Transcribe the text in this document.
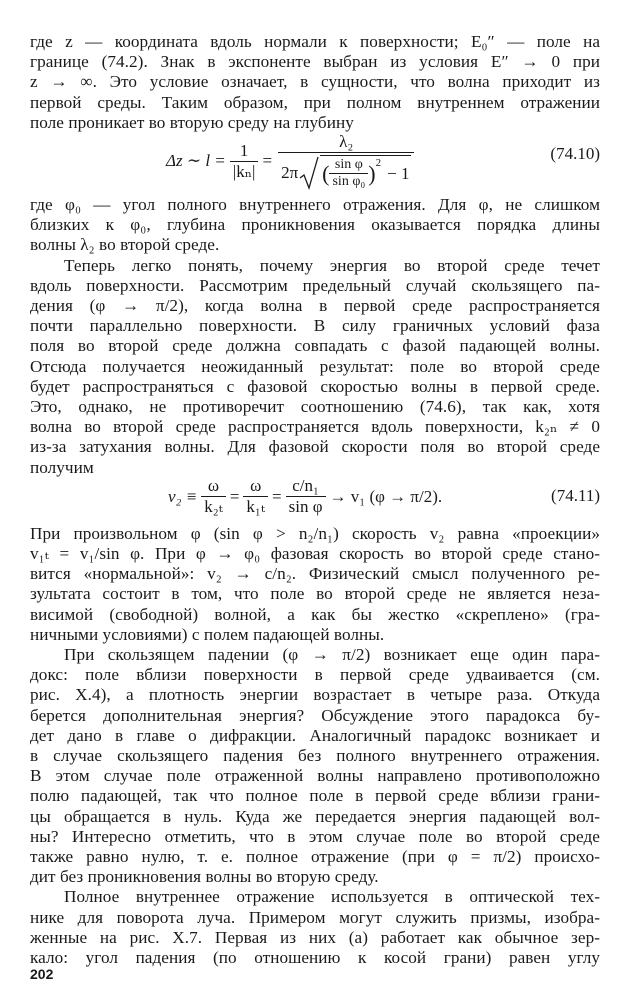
где z — координата вдоль нормали к поверхности; E₀″ — поле на
границе (74.2). Знак в экспоненте выбран из условия E″ → 0 при
z → ∞. Это условие означает, в сущности, что волна приходит из
первой среды. Таким образом, при полном внутреннем отражении
поле проникает во вторую среду на глубину
Δz ∼ $l = \frac{1}{\text{|kₙ|}}$ =
λ₂
2π ( $\frac{\text{sin φ}}{\text{sin φ₀}} )^2$
− 1
(74.10)
где φ₀ — угол полного внутреннего отражения. Для φ, не слишком
близких к φ₀, глубина проникновения оказывается порядка длины
волны λ₂ во второй среде.
Теперь легко понять, почему энергия во второй среде течет
вдоль поверхности. Рассмотрим предельный случай скользящего па-
дения (φ → π/2), когда волна в первой среде распространяется
почти параллельно поверхности. В силу граничных условий фаза
поля во второй среде должна совпадать с фазой падающей волны.
Отсюда получается неожиданный результат: поле во второй среде
будет распространяться с фазовой скоростью волны в первой среде.
Это, однако, не противоречит соотношению (74.6), так как, хотя
волна во второй среде распространяется вдоль поверхности, k₂ₙ ≠ 0
из-за затухания волны. Для фазовой скорости поля во второй среде
получим
$v_2 \equiv \frac{\omega}{\text{k₂ₜ}} = \frac{\omega}{\text{k₁ₜ}} = \frac{\text{c/n₁}}{\text{sin φ}} \to v_1$ (φ → π/2).	(74.11)
При произвольном φ (sin φ > n₂/n₁) скорость v₂ равна «проекции»
v₁ₜ = v₁/sin φ. При φ → φ₀ фазовая скорость во второй среде стано-
вится «нормальной»: v₂ → c/n₂. Физический смысл полученного ре-
зультата состоит в том, что поле во второй среде не является неза-
висимой (свободной) волной, а как бы жестко «скреплено» (гра-
ничными условиями) с полем падающей волны.
При скользящем падении (φ → π/2) возникает еще один пара-
докс: поле вблизи поверхности в первой среде удваивается (см.
рис. X.4), а плотность энергии возрастает в четыре раза. Откуда
берется дополнительная энергия? Обсуждение этого парадокса бу-
дет дано в главе о дифракции. Аналогичный парадокс возникает и
в случае скользящего падения без полного внутреннего отражения.
В этом случае поле отраженной волны направлено противоположно
полю падающей, так что полное поле в первой среде вблизи грани-
цы обращается в нуль. Куда же передается энергия падающей вол-
ны? Интересно отметить, что в этом случае поле во второй среде
также равно нулю, т. е. полное отражение (при φ = π/2) происхо-
дит без проникновения волны во вторую среду.
202
Полное внутреннее отражение используется в оптической тех-
нике для поворота луча. Примером могут служить призмы, изобра-
женные на рис. X.7. Первая из них (а) работает как обычное зер-
кало: угол падения (по отношению к косой грани) равен углу
